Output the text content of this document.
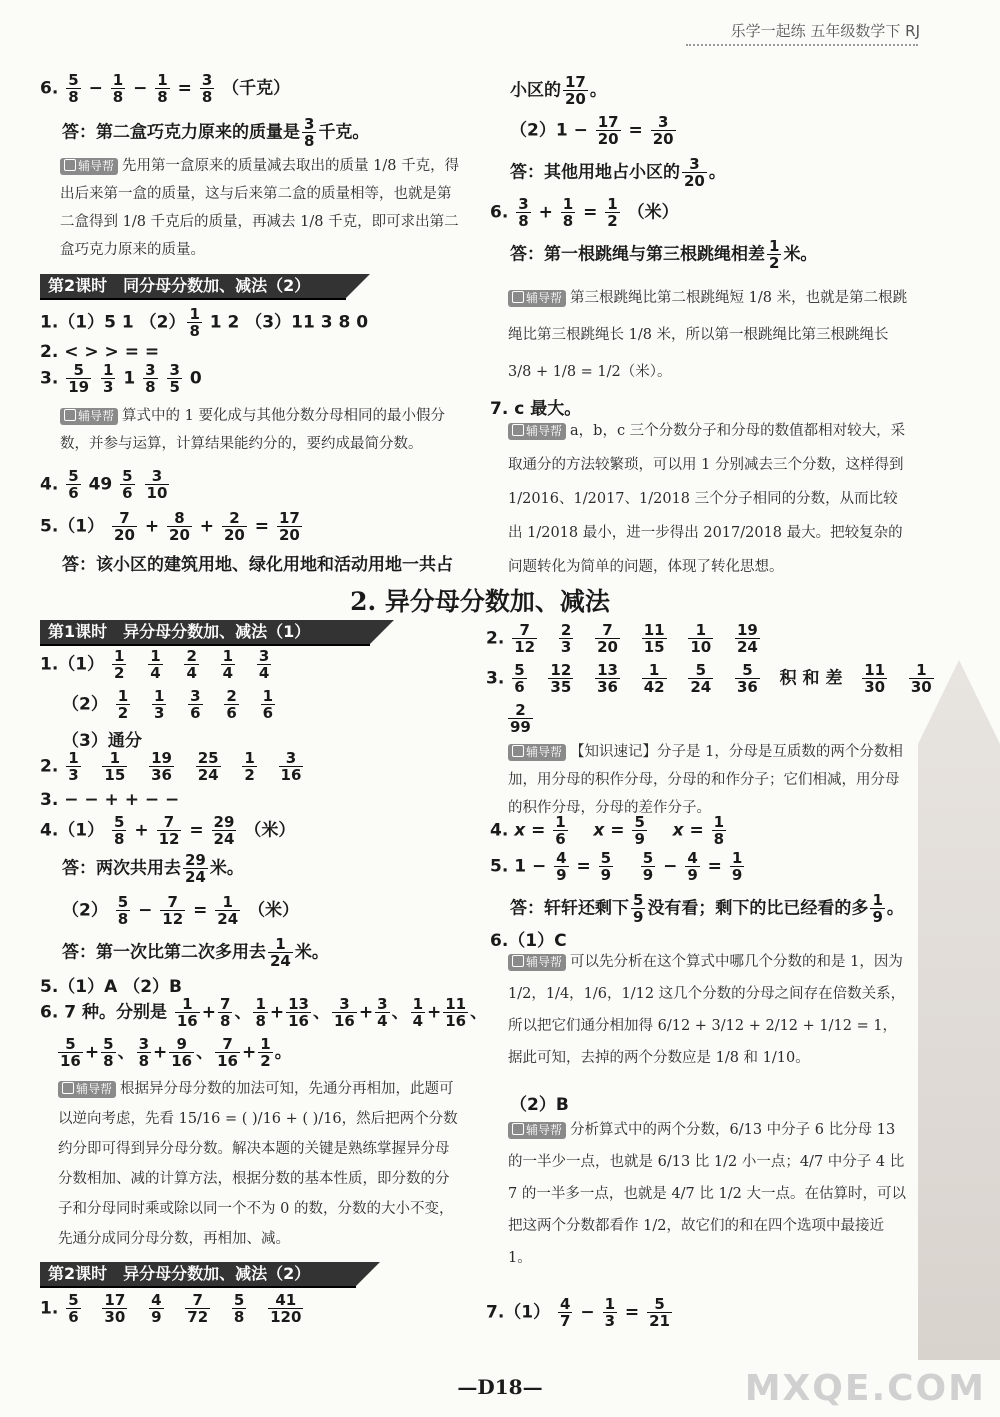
乐学一起练 五年级数学下 RJ
6. $\frac{5}{8} - \frac{1}{8} - \frac{1}{8} = \frac{3}{8}$ （千克）
答：第二盒巧克力原来的质量是 $\frac{3}{8}$ 千克。
辅导帮 先用第一盒原来的质量减去取出的质量 1/8 千克，得出后来第一盒的质量，这与后来第二盒的质量相等，也就是第二盒得到 1/8 千克后的质量，再减去 1/8 千克，即可求出第二盒巧克力原来的质量。
第2课时　同分母分数加、减法（2）
1.（1）5 1 $(2) \frac{1}{8} 1$ 2 （3）11 3 8 0
2. < > > = =
3. $\frac{5}{19}$
$\frac{1}{3} 1 \frac{3}{8}$
$\frac{3}{5} 0$
辅导帮 算式中的 1 要化成与其他分数分母相同的最小假分数，并参与运算，计算结果能约分的，要约成最简分数。
4. $\frac{5}{6} 49 \frac{5}{6}$
$\frac{3}{10}$
$5.(1) \frac{7}{20} + \frac{8}{20} + \frac{2}{20} = \frac{17}{20}$
答：该小区的建筑用地、绿化用地和活动用地一共占
小区的 $\frac{17}{20}$ 。
$(2)1 - \frac{17}{20} = \frac{3}{20}$
答：其他用地占小区的 $\frac{3}{20}$ 。
6. $\frac{3}{8} + \frac{1}{8} = \frac{1}{2}$ （米）
答：第一根跳绳与第三根跳绳相差 $\frac{1}{2}$ 米。
辅导帮 第三根跳绳比第二根跳绳短 1/8 米，也就是第二根跳绳比第三根跳绳长 1/8 米，所以第一根跳绳比第三根跳绳长 3/8 + 1/8 = 1/2（米）。
7. c 最大。
辅导帮 a，b，c 三个分数分子和分母的数值都相对较大，采取通分的方法较繁琐，可以用 1 分别减去三个分数，这样得到 1/2016、1/2017、1/2018 三个分子相同的分数，从而比较出 1/2018 最小，进一步得出 2017/2018 最大。把较复杂的问题转化为简单的问题，体现了转化思想。
2. 异分母分数加、减法
第1课时　异分母分数加、减法（1）
$1.(1) \frac{1}{2}$
$\frac{1}{4}$
$\frac{2}{4}$
$\frac{1}{4}$
$\frac{3}{4}$
$(2) \frac{1}{2}$
$\frac{1}{3}$
$\frac{3}{6}$
$\frac{2}{6}$
$\frac{1}{6}$
（3）通分
2. $\frac{1}{3}$
$\frac{1}{15}$
$\frac{19}{36}$
$\frac{25}{24}$
$\frac{1}{2}$
$\frac{3}{16}$
3. − − + + − −
$4.(1) \frac{5}{8} + \frac{7}{12} = \frac{29}{24}$ （米）
答：两次共用去 $\frac{29}{24}$ 米。
$(2) \frac{5}{8} - \frac{7}{12} = \frac{1}{24}$ （米）
答：第一次比第二次多用去 $\frac{1}{24}$ 米。
5.（1）A （2）B
6. 7 种。分别是 $\frac{1}{16} + \frac{7}{8}$ 、 $\frac{1}{8} + \frac{13}{16}$ 、 $\frac{3}{16} + \frac{3}{4}$ 、 $\frac{1}{4} + \frac{11}{16}$ 、
$\frac{5}{16} + \frac{5}{8}$ 、 $\frac{3}{8} + \frac{9}{16}$ 、 $\frac{7}{16} + \frac{1}{2}$ 。
辅导帮 根据异分母分数的加法可知，先通分再相加，此题可以逆向考虑，先看 15/16 = ( )/16 + ( )/16，然后把两个分数约分即可得到异分母分数。解决本题的关键是熟练掌握异分母分数相加、减的计算方法，根据分数的基本性质，即分数的分子和分母同时乘或除以同一个不为 0 的数，分数的大小不变，先通分成同分母分数，再相加、减。
第2课时　异分母分数加、减法（2）
1. $\frac{5}{6}$
$\frac{17}{30}$
$\frac{4}{9}$
$\frac{7}{72}$
$\frac{5}{8}$
$\frac{41}{120}$
2. $\frac{7}{12}$
$\frac{2}{3}$
$\frac{7}{20}$
$\frac{11}{15}$
$\frac{1}{10}$
$\frac{19}{24}$
3. $\frac{5}{6}$
$\frac{12}{35}$
$\frac{13}{36}$
$\frac{1}{42}$
$\frac{5}{24}$
$\frac{5}{36}$ 积 和 差 $\frac{11}{30}$
$\frac{1}{30}$
$\frac{2}{99}$
辅导帮 【知识速记】分子是 1，分母是互质数的两个分数相加，用分母的积作分母，分母的和作分子；它们相减，用分母的积作分母，分母的差作分子。
4. $x = \frac{1}{6}$ $x = \frac{5}{9}$ $x = \frac{1}{8}$
5. $1 - \frac{4}{9} = \frac{5}{9}$
$\frac{5}{9} - \frac{4}{9} = \frac{1}{9}$
答：轩轩还剩下 $\frac{5}{9}$ 没有看；剩下的比已经看的多 $\frac{1}{9}$ 。
6.（1）C
辅导帮 可以先分析在这个算式中哪几个分数的和是 1，因为 1/2，1/4，1/6，1/12 这几个分数的分母之间存在倍数关系，所以把它们通分相加得 6/12 + 3/12 + 2/12 + 1/12 = 1，据此可知，去掉的两个分数应是 1/8 和 1/10。
（2）B
辅导帮 分析算式中的两个分数，6/13 中分子 6 比分母 13 的一半少一点，也就是 6/13 比 1/2 小一点；4/7 中分子 4 比 7 的一半多一点，也就是 4/7 比 1/2 大一点。在估算时，可以把这两个分数都看作 1/2，故它们的和在四个选项中最接近 1。
$7.(1) \frac{4}{7} - \frac{1}{3} = \frac{5}{21}$
—D18—	MXQE.COM
